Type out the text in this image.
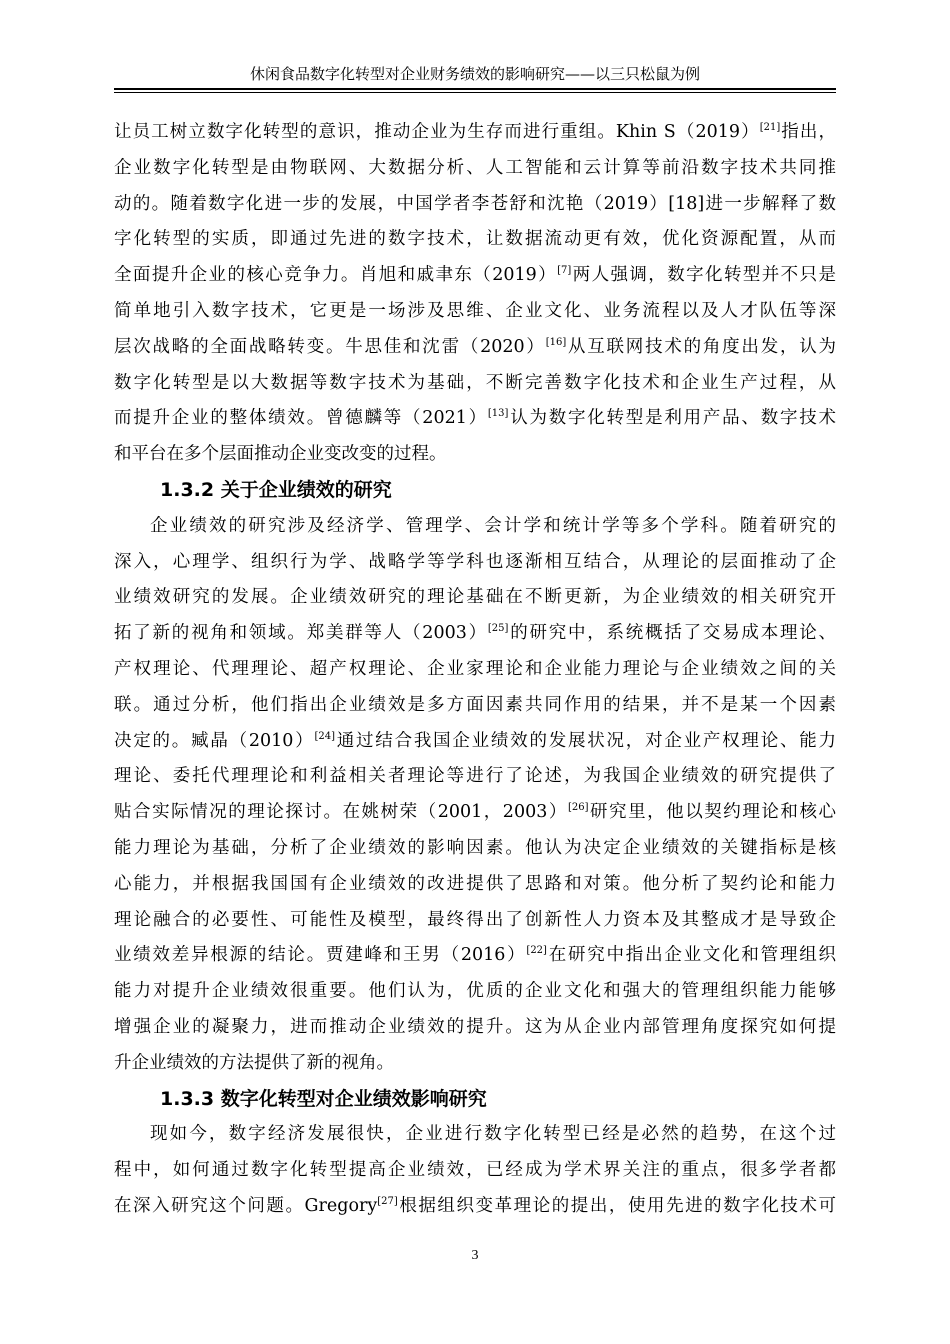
休闲食品数字化转型对企业财务绩效的影响研究——以三只松鼠为例
让员工树立数字化转型的意识，推动企业为生存而进行重组。Khin S（2019）[21]指出，
企业数字化转型是由物联网、大数据分析、人工智能和云计算等前沿数字技术共同推
动的。随着数字化进一步的发展，中国学者李苍舒和沈艳（2019）[18]进一步解释了数
字化转型的实质，即通过先进的数字技术，让数据流动更有效，优化资源配置，从而
全面提升企业的核心竞争力。肖旭和戚聿东（2019）[7]两人强调，数字化转型并不只是
简单地引入数字技术，它更是一场涉及思维、企业文化、业务流程以及人才队伍等深
层次战略的全面战略转变。牛思佳和沈雷（2020）[16]从互联网技术的角度出发，认为
数字化转型是以大数据等数字技术为基础，不断完善数字化技术和企业生产过程，从
而提升企业的整体绩效。曾德麟等（2021）[13]认为数字化转型是利用产品、数字技术
和平台在多个层面推动企业变改变的过程。
1.3.2 关于企业绩效的研究
企业绩效的研究涉及经济学、管理学、会计学和统计学等多个学科。随着研究的
深入，心理学、组织行为学、战略学等学科也逐渐相互结合，从理论的层面推动了企
业绩效研究的发展。企业绩效研究的理论基础在不断更新，为企业绩效的相关研究开
拓了新的视角和领域。郑美群等人（2003）[25]的研究中，系统概括了交易成本理论、
产权理论、代理理论、超产权理论、企业家理论和企业能力理论与企业绩效之间的关
联。通过分析，他们指出企业绩效是多方面因素共同作用的结果，并不是某一个因素
决定的。臧晶（2010）[24]通过结合我国企业绩效的发展状况，对企业产权理论、能力
理论、委托代理理论和利益相关者理论等进行了论述，为我国企业绩效的研究提供了
贴合实际情况的理论探讨。在姚树荣（2001，2003）[26]研究里，他以契约理论和核心
能力理论为基础，分析了企业绩效的影响因素。他认为决定企业绩效的关键指标是核
心能力，并根据我国国有企业绩效的改进提供了思路和对策。他分析了契约论和能力
理论融合的必要性、可能性及模型，最终得出了创新性人力资本及其整成才是导致企
业绩效差异根源的结论。贾建峰和王男（2016）[22]在研究中指出企业文化和管理组织
能力对提升企业绩效很重要。他们认为，优质的企业文化和强大的管理组织能力能够
增强企业的凝聚力，进而推动企业绩效的提升。这为从企业内部管理角度探究如何提
升企业绩效的方法提供了新的视角。
1.3.3 数字化转型对企业绩效影响研究
现如今，数字经济发展很快，企业进行数字化转型已经是必然的趋势，在这个过
程中，如何通过数字化转型提高企业绩效，已经成为学术界关注的重点，很多学者都
在深入研究这个问题。Gregory[27]根据组织变革理论的提出，使用先进的数字化技术可
3
